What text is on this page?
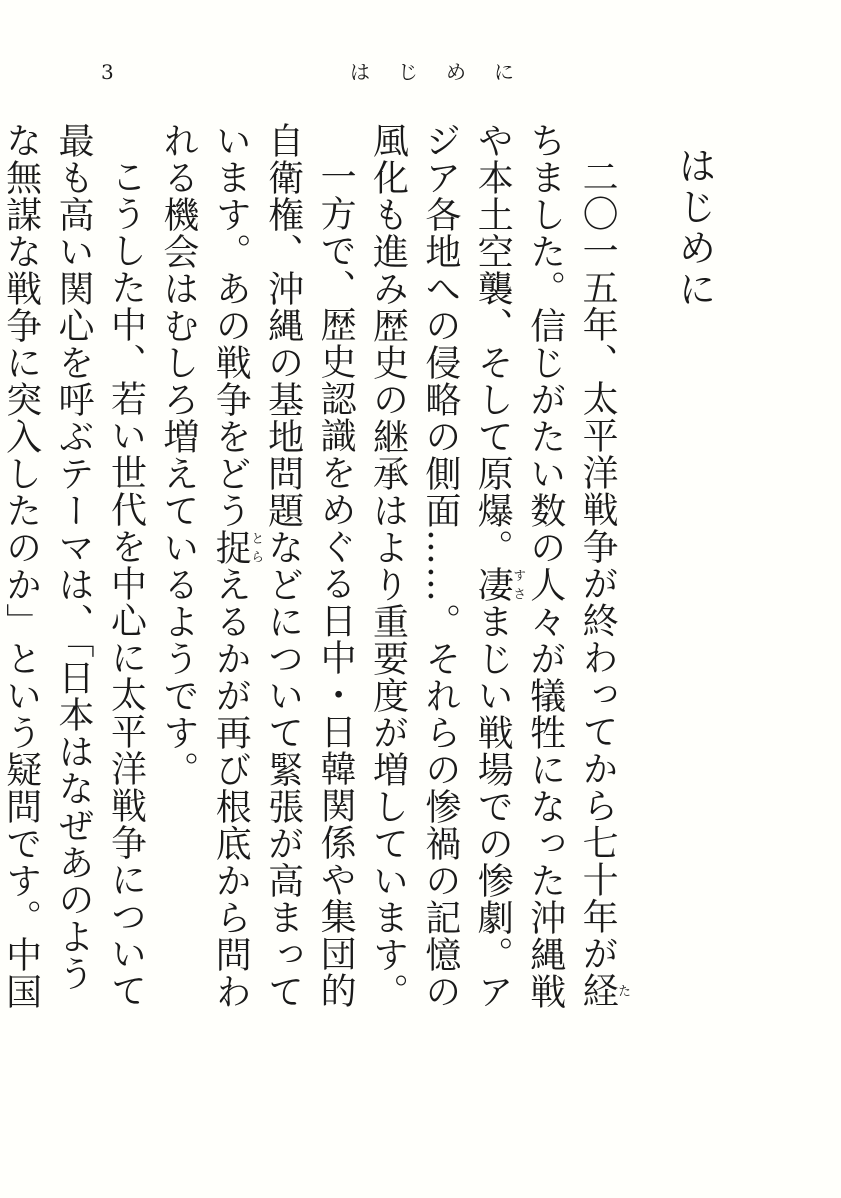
3	はじめに
はじめに

二〇一五年、太平洋戦争が終わってから七十年が経たちました。信じがたい数の人々が犠牲になった沖縄戦や本土空襲、そして原爆。凄すさまじい戦場での惨劇。アジア各地への侵略の側面……。それらの惨禍の記憶の風化も進み歴史の継承はより重要度が増しています。

一方で、歴史認識をめぐる日中・日韓関係や集団的自衛権、沖縄の基地問題などについて緊張が高まっています。あの戦争をどう捉とらえるかが再び根底から問われる機会はむしろ増えているようです。

こうした中、若い世代を中心に太平洋戦争について最も高い関心を呼ぶテーマは、「日本はなぜあのような無謀な戦争に突入したのか」という疑問です。中国
